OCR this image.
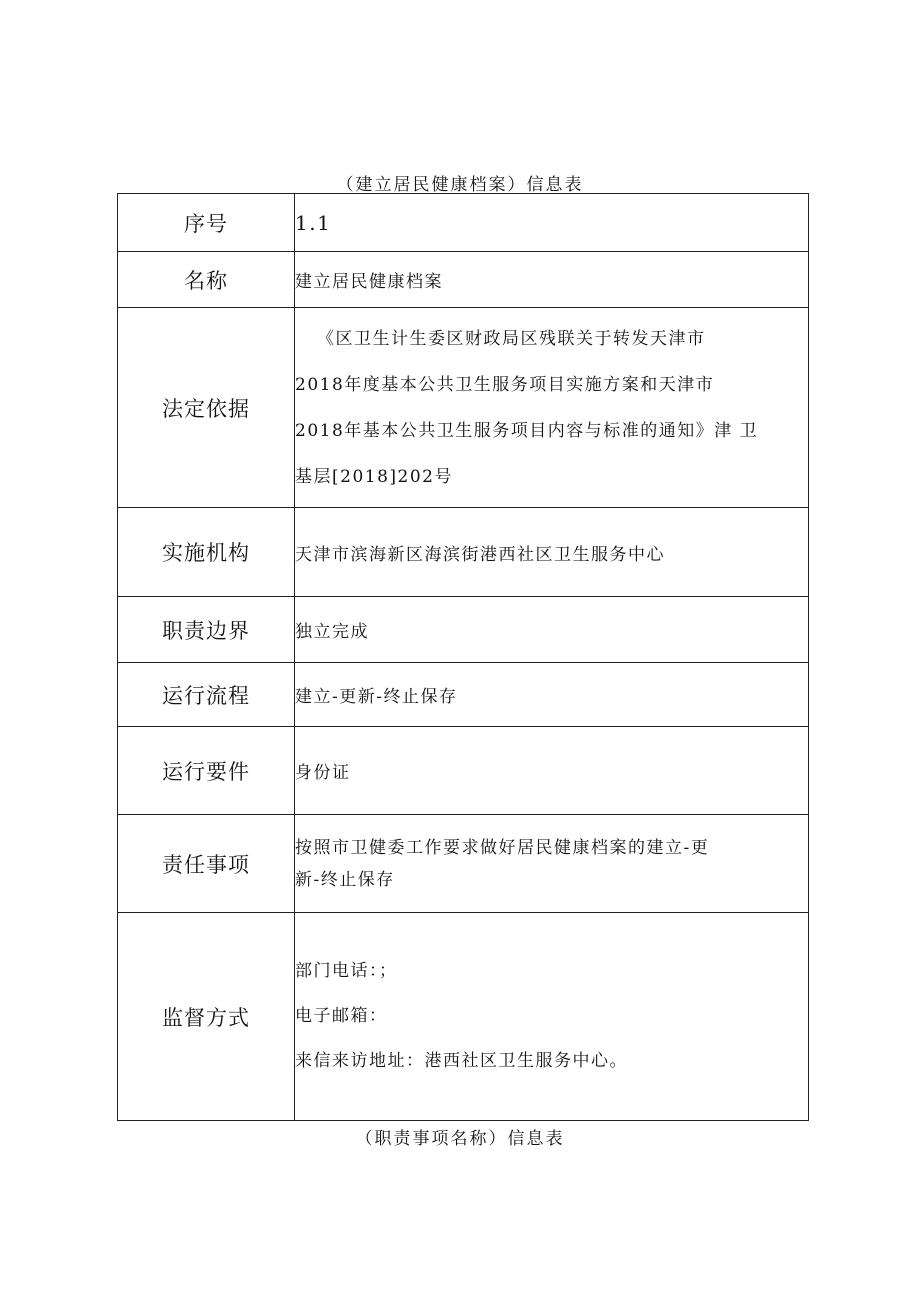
（建立居民健康档案）信息表
序号	1.1
名称	建立居民健康档案
法定依据	《区卫生计生委区财政局区残联关于转发天津市
2018年度基本公共卫生服务项目实施方案和天津市
2018年基本公共卫生服务项目内容与标准的通知》津 卫
基层[2018]202号

实施机构	天津市滨海新区海滨街港西社区卫生服务中心
职责边界	独立完成
运行流程	建立-更新-终止保存
运行要件	身份证
责任事项	按照市卫健委工作要求做好居民健康档案的建立-更
新-终止保存

监督方式	部门电话：；
电子邮箱：
来信来访地址：港西社区卫生服务中心。
（职责事项名称）信息表
